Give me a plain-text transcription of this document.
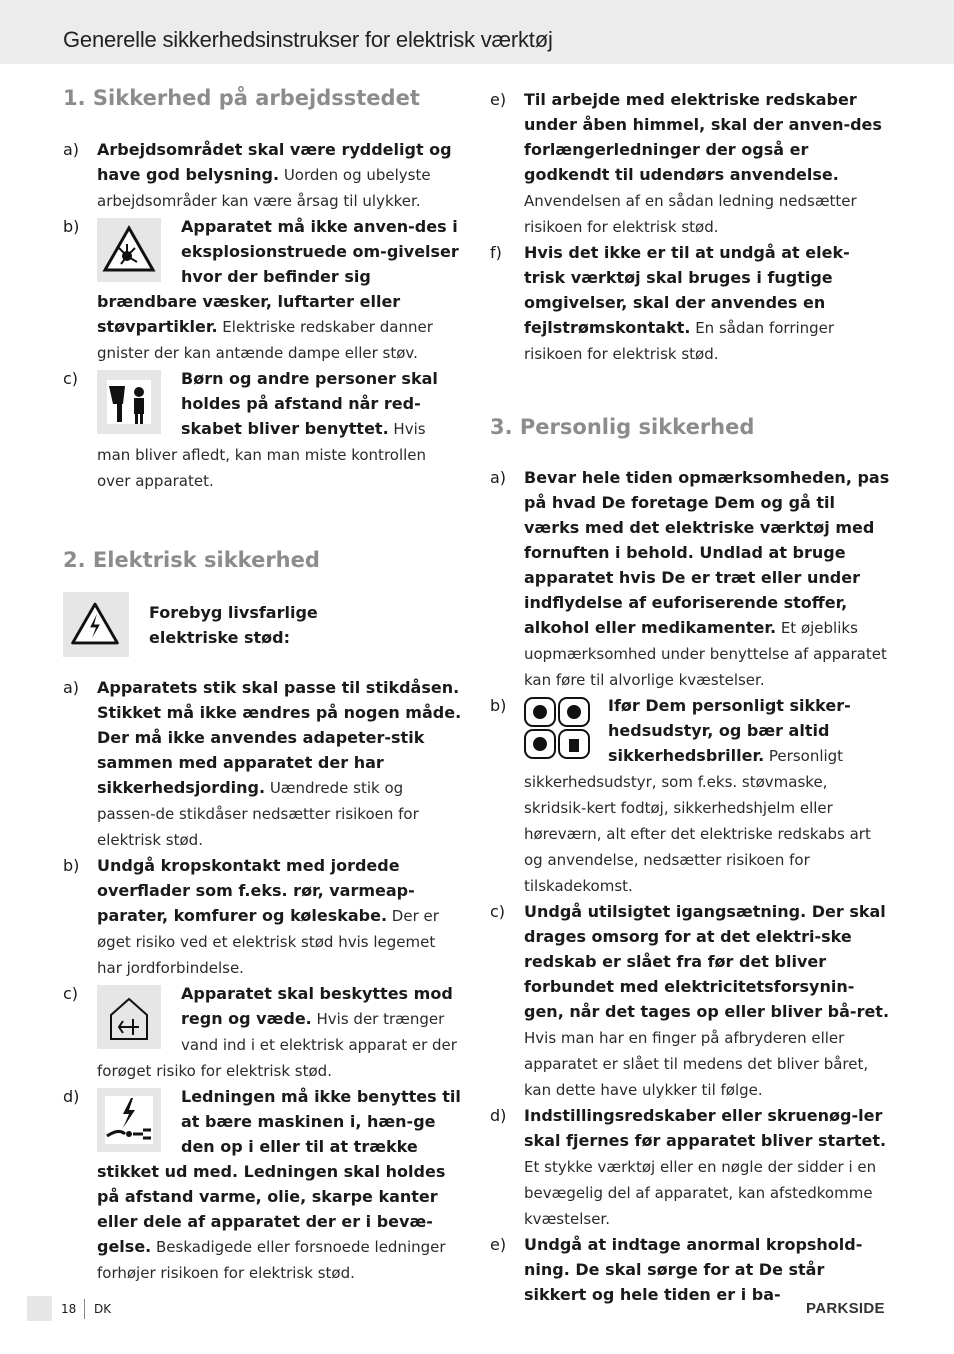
Generelle sikkerhedsinstrukser for elektrisk værktøj
1. Sikkerhed på arbejdsstedet
a) Arbejdsområdet skal være ryddeligt og have god belysning. Uorden og ubelyste arbejdsområder kan være årsag til ulykker.
b)	Apparatet må ikke anven-des i eksplosionstruede om-givelser hvor der befinder sig brændbare væsker, luftarter eller støvpartikler. Elektriske redskaber danner gnister der kan antænde dampe eller støv.
c)	Børn og andre personer skal holdes på afstand når red-skabet bliver benyttet. Hvis man bliver afledt, kan man miste kontrollen over apparatet.
2. Elektrisk sikkerhed
Forebyg livsfarlige elektriske stød:
a) Apparatets stik skal passe til stikdåsen. Stikket må ikke ændres på nogen måde. Der må ikke anvendes adapeter-stik sammen med apparatet der har sikkerhedsjording. Uændrede stik og passen-de stikdåser nedsætter risikoen for elektrisk stød.
b) Undgå kropskontakt med jordede overflader som f.eks. rør, varmeap-parater, komfurer og køleskabe. Der er øget risiko ved et elektrisk stød hvis legemet har jordforbindelse.
c)	Apparatet skal beskyttes mod regn og væde. Hvis der trænger vand ind i et elektrisk apparat er der forøget risiko for elektrisk stød.
d)	Ledningen må ikke benyttes til at bære maskinen i, hæn-ge den op i eller til at trække stikket ud med. Ledningen skal holdes på afstand varme, olie, skarpe kanter eller dele af apparatet der er i bevæ-gelse. Beskadigede eller forsnoede ledninger forhøjer risikoen for elektrisk stød.
e) Til arbejde med elektriske redskaber under åben himmel, skal der anven-des forlængerledninger der også er godkendt til udendørs anvendelse. Anvendelsen af en sådan ledning nedsætter risikoen for elektrisk stød.
f) Hvis det ikke er til at undgå at elek-trisk værktøj skal bruges i fugtige omgivelser, skal der anvendes en fejlstrømskontakt. En sådan forringer risikoen for elektrisk stød.
3. Personlig sikkerhed
a) Bevar hele tiden opmærksomheden, pas på hvad De foretage Dem og gå til værks med det elektriske værktøj med fornuften i behold. Undlad at bruge apparatet hvis De er træt eller under indflydelse af euforiserende stoffer, alkohol eller medikamenter. Et øjebliks uopmærksomhed under benyttelse af apparatet kan føre til alvorlige kvæstelser.
b)	Ifør Dem personligt sikker-hedsudstyr, og bær altid sikkerhedsbriller. Personligt sikkerhedsudstyr, som f.eks. støvmaske, skridsik-kert fodtøj, sikkerhedshjelm eller høreværn, alt efter det elektriske redskabs art og anvendelse, nedsætter risikoen for tilskadekomst.
c) Undgå utilsigtet igangsætning. Der skal drages omsorg for at det elektri-ske redskab er slået fra før det bliver forbundet med elektricitetsforsynin-gen, når det tages op eller bliver bå-ret. Hvis man har en finger på afbryderen eller apparatet er slået til medens det bliver båret, kan dette have ulykker til følge.
d) Indstillingsredskaber eller skruenøg-ler skal fjernes før apparatet bliver startet. Et stykke værktøj eller en nøgle der sidder i en bevægelig del af apparatet, kan afstedkomme kvæstelser.
e) Undgå at indtage anormal kropshold- ning. De skal sørge for at De står sikkert og hele tiden er i ba-
18 DK	PARKSIDE
